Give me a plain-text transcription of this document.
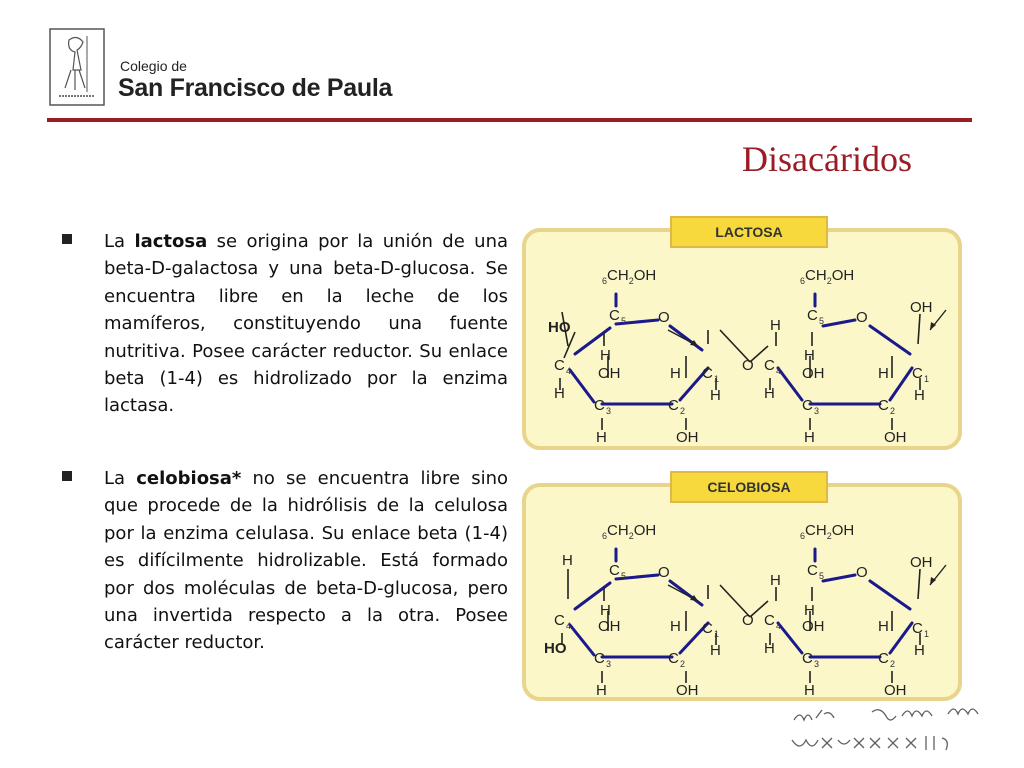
Colegio de
San Francisco de Paula
Disacáridos
La lactosa se origina por la unión de una beta-D-galactosa y una beta-D-glucosa. Se encuentra libre en la leche de los mamíferos, constituyendo una fuente nutritiva. Posee carácter reductor. Su enlace beta (1-4) es hidrolizado por la enzima lactasa.
La celobiosa* no se encuentra libre sino que procede de la hidrólisis de la celulosa por la enzima celulasa. Su enlace beta (1-4) es difícilmente hidrolizable. Está formado por dos moléculas de beta-D-glucosa, pero una invertida respecto a la otra. Posee carácter reductor.
LACTOSA
$_6CH_2OH$
C 5 O
HO
H
C 4 OH	H
H
C 3	C 2
H	OH
C 1
H
O
$_6CH_2OH$
C 5 O
H
H
C 4 OH	H
H
C 3	C 2
H	OH
OH
C 1
H
CELOBIOSA
$_6CH_2OH$
C 5 O
H
H
C 4 OH	H
HO
C 3	C 2
H	OH
C 1
H
O
$_6CH_2OH$
C 5 O
H
H
C 4 OH	H
H
C 3	C 2
H	OH
OH
C 1
H
